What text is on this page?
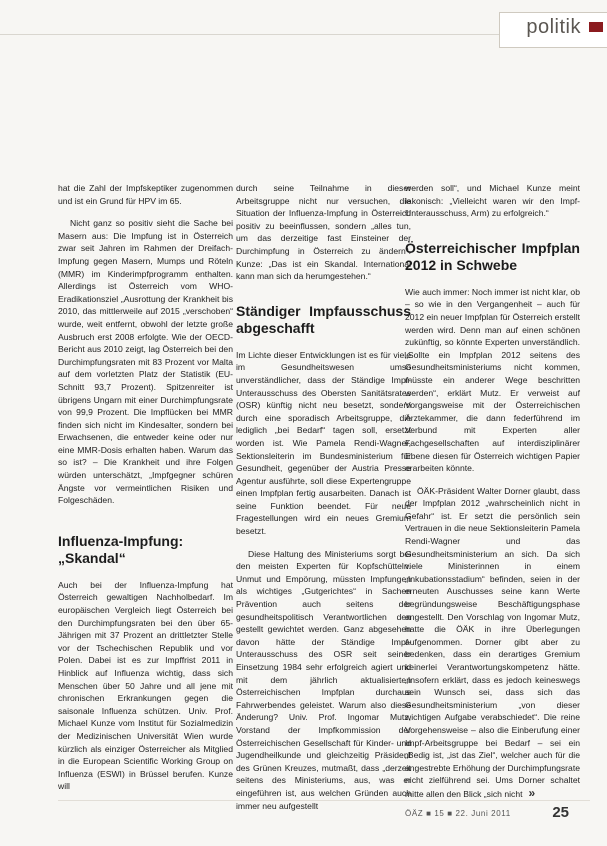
politik

hat die Zahl der Impfskeptiker zugenommen und ist ein Grund für HPV im 65.

Nicht ganz so positiv sieht die Sache bei Masern aus: Die Impfung ist in Österreich zwar seit Jahren im Rahmen der Dreifach-Impfung gegen Masern, Mumps und Röteln (MMR) im Kinderimpfprogramm enthalten. Allerdings ist Österreich vom WHO-Eradikationsziel „Ausrottung der Krankheit bis 2010, das mittlerweile auf 2015 „verschoben“ wurde, weit entfernt, obwohl der letzte große Ausbruch erst 2008 erfolgte. Wie der OECD-Bericht aus 2010 zeigt, lag Österreich bei den Durchimpfungsraten mit 83 Prozent vor Malta auf dem vorletzten Platz der Statistik (EU-Schnitt 93,7 Prozent). Spitzenreiter ist übrigens Ungarn mit einer Durchimpfungsrate von 99,9 Prozent. Die Impflücken bei MMR finden sich nicht im Kindesalter, sondern bei Erwachsenen, die entweder keine oder nur eine MMR-Dosis erhalten haben. Warum das so ist? – Die Krankheit und ihre Folgen würden unterschätzt, „Impfgegner schüren Ängste vor vermeintlichen Risiken und Folgeschäden.

Influenza-Impfung: „Skandal“

Auch bei der Influenza-Impfung hat Österreich gewaltigen Nachholbedarf. Im europäischen Vergleich liegt Österreich bei den Durchimpfungsraten bei den über 65-Jährigen mit 37 Prozent an drittletzter Stelle vor der Tschechischen Republik und vor Polen. Dabei ist es zur Impffrist 2011 in Hinblick auf Influenza wichtig, dass sich Menschen über 50 Jahre und all jene mit chronischen Erkrankungen gegen die saisonale Influenza schützen. Univ. Prof. Michael Kunze vom Institut für Sozialmedizin der Medizinischen Universität Wien wurde kürzlich als einziger Österreicher als Mitglied in die European Scientific Working Group on Influenza (ESWI) in Brüssel berufen. Kunze will

durch seine Teilnahme in dieser Arbeitsgruppe nicht nur versuchen, die Situation der Influenza-Impfung in Österreich positiv zu beeinflussen, sondern „alles tun, um das derzeitige fast Einsteiner der Durchimpfung in Österreich zu ändern“. Kunze: „Das ist ein Skandal. International kann man sich da herumgestehen.“

Ständiger Impfausschuss abgeschafft

Im Lichte dieser Entwicklungen ist es für viele im Gesundheitswesen umso unverständlicher, dass der Ständige Impf-Unterausschuss des Obersten Sanitätsrates (OSR) künftig nicht neu besetzt, sondern durch eine sporadisch Arbeitsgruppe, die lediglich „bei Bedarf“ tagen soll, ersetzt worden ist. Wie Pamela Rendi-Wagner, Sektionsleiterin im Bundesministerium für Gesundheit, gegenüber der Austria Presse Agentur ausführte, soll diese Expertengruppe einen Impfplan fertig ausarbeiten. Danach ist seine Funktion beendet. Für neue Fragestellungen wird ein neues Gremium besetzt.

Diese Haltung des Ministeriums sorgt bei den meisten Experten für Kopfschütteln. Unmut und Empörung, müssten Impfungen als wichtiges „Gutgerichtes“ in Sachen Prävention auch seitens der gesundheitspolitisch Verantwortlichen den gestellt gewichtet werden. Ganz abgesehen davon hätte der Ständige Impf-Unterausschuss des OSR seit seiner Einsetzung 1984 sehr erfolgreich agiert und mit dem jährlich aktualisierten Österreichischen Impfplan durchaus Fahrwerbendes geleistet. Warum also diese Änderung? Univ. Prof. Ingomar Mutz, Vorstand der Impfkommission der Österreichischen Gesellschaft für Kinder- und Jugendheilkunde und gleichzeitig Präsident des Grünen Kreuzes, mutmaßt, dass „derzeit seitens des Ministeriums, aus, was er eingeführen ist, aus welchen Gründen auch immer neu aufgestellt

werden soll“, und Michael Kunze meint lakonisch: „Vielleicht waren wir den Impf-Unterausschuss, Arm) zu erfolgreich.“

Österreichischer Impfplan 2012 in Schwebe

Wie auch immer: Noch immer ist nicht klar, ob – so wie in den Vergangenheit – auch für 2012 ein neuer Impfplan für Österreich erstellt werden wird. Denn man auf einen schönen zukünftig, so könnte Experten unverständlich. „Sollte ein Impfplan 2012 seitens des Gesundheitsministeriums nicht kommen, müsste ein anderer Wege beschritten werden“, erklärt Mutz. Er verweist auf Vorgangsweise mit der Österreichischen Ärztekammer, die dann federführend im Verbund mit Experten aller Fachgesellschaften auf interdisziplinärer Ebene diesen für Österreich wichtigen Papier erarbeiten könnte.

ÖÄK-Präsident Walter Dorner glaubt, dass der Impfplan 2012 „wahrscheinlich nicht in Gefahr“ ist. Er setzt die persönlich sein Vertrauen in die neue Sektionsleiterin Pamela Rendi-Wagner und das Gesundheitsministerium an sich. Da sich viele Ministerinnen in einem „Inkubationsstadium“ befinden, seien in der erneuten Auschusses seine kann Werte begründungsweise Beschäftigungsphase angestellt. Den Vorschlag von Ingomar Mutz, hatte die ÖÄK in ihre Überlegungen aufgenommen. Dorner gibt aber zu bedenken, dass ein derartiges Gremium keinerlei Verantwortungskompetenz hätte. „Insofern erklärt, dass es jedoch keineswegs sein Wunsch sei, dass sich das Gesundheitsministerium „von dieser wichtigen Aufgabe verabschiedet“. Die reine Vorgehensweise – also die Einberufung einer Impf-Arbeitsgruppe bei Bedarf – sei ein „Bedig ist, „ist das Ziel“, welcher auch für die angestrebte Erhöhung der Durchimpfungsrate nicht zielführend sei. Ums Dorner schaltet mitte allen den Blick „sich nicht »

ÖÄZ ■ 15 ■ 22. Juni 2011	25
